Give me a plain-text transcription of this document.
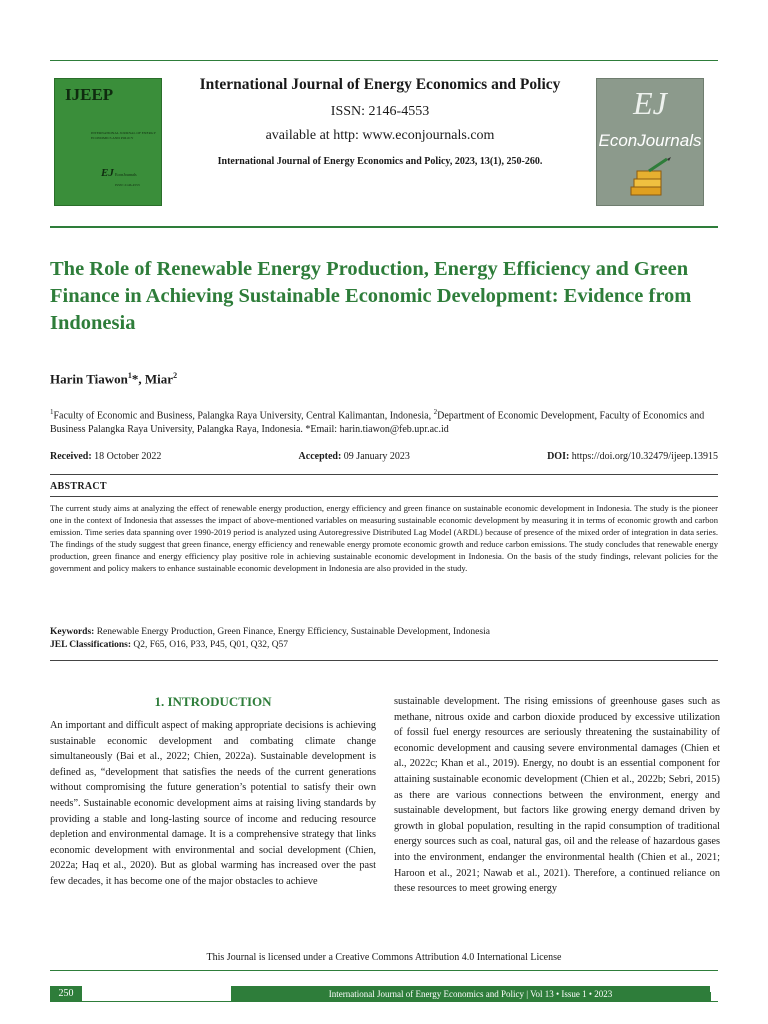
IJEEP
INTERNATIONAL JOURNAL OF ENERGY ECONOMICS AND POLICY
EJ EconJournals
ISSN: 2146-4553
International Journal of Energy Economics and Policy
ISSN: 2146-4553
available at http: www.econjournals.com
International Journal of Energy Economics and Policy, 2023, 13(1), 250-260.
EJ
EconJournals
The Role of Renewable Energy Production, Energy Efficiency and Green Finance in Achieving Sustainable Economic Development: Evidence from Indonesia
Harin Tiawon$^1$*, Miar$^2$
$^1$Faculty of Economic and Business, Palangka Raya University, Central Kalimantan, Indonesia, $^2$Department of Economic Development, Faculty of Economics and Business Palangka Raya University, Palangka Raya, Indonesia. *Email: harin.tiawon@feb.upr.ac.id
Received: 18 October 2022	Accepted: 09 January 2023	DOI: https://doi.org/10.32479/ijeep.13915
ABSTRACT

The current study aims at analyzing the effect of renewable energy production, energy efficiency and green finance on sustainable economic development in Indonesia. The study is the pioneer one in the context of Indonesia that assesses the impact of above-mentioned variables on measuring sustainable economic development by measuring it in terms of economic growth and carbon emission. Time series data spanning over 1990-2019 period is analyzed using Autoregressive Distributed Lag Model (ARDL) because of presence of the mixed order of integration in data series. The findings of the study suggest that green finance, energy efficiency and renewable energy promote economic growth and reduce carbon emissions. The study concludes that renewable energy production, green finance and energy efficiency play positive role in achieving sustainable economic development in Indonesia. On the basis of the study findings, relevant policies for the government and policy makers to enhance sustainable economic development in Indonesia are also provided in the study.

Keywords: Renewable Energy Production, Green Finance, Energy Efficiency, Sustainable Development, Indonesia
JEL Classifications: Q2, F65, O16, P33, P45, Q01, Q32, Q57
1. INTRODUCTION

An important and difficult aspect of making appropriate decisions is achieving sustainable economic development and combating climate change simultaneously (Bai et al., 2022; Chien, 2022a). Sustainable development is defined as, “development that satisfies the needs of the current generations without compromising the future generation’s potential to satisfy their own needs”. Sustainable economic development aims at raising living standards by providing a stable and long-lasting source of income and reducing resource depletion and environmental damage. It is a comprehensive strategy that links economic development with environmental and social development (Chien, 2022a; Haq et al., 2020). But as global warming has increased over the past few decades, it has become one of the major obstacles to achieve

sustainable development. The rising emissions of greenhouse gases such as methane, nitrous oxide and carbon dioxide produced by excessive utilization of fossil fuel energy resources are seriously threatening the sustainability of economic development and causing severe environmental damages (Chien et al., 2022c; Khan et al., 2019). Energy, no doubt is an essential component for attaining sustainable economic development (Chien et al., 2022b; Sebri, 2015) as there are various connections between the environment, energy and sustainable development, but factors like growing energy demand driven by growth in global population, resulting in the rapid consumption of traditional energy sources such as coal, natural gas, oil and the release of hazardous gases into the environment, endanger the environmental health (Chien et al., 2021; Haroon et al., 2021; Nawab et al., 2021). Therefore, a continued reliance on these resources to meet growing energy

This Journal is licensed under a Creative Commons Attribution 4.0 International License
250	International Journal of Energy Economics and Policy | Vol 13 • Issue 1 • 2023
